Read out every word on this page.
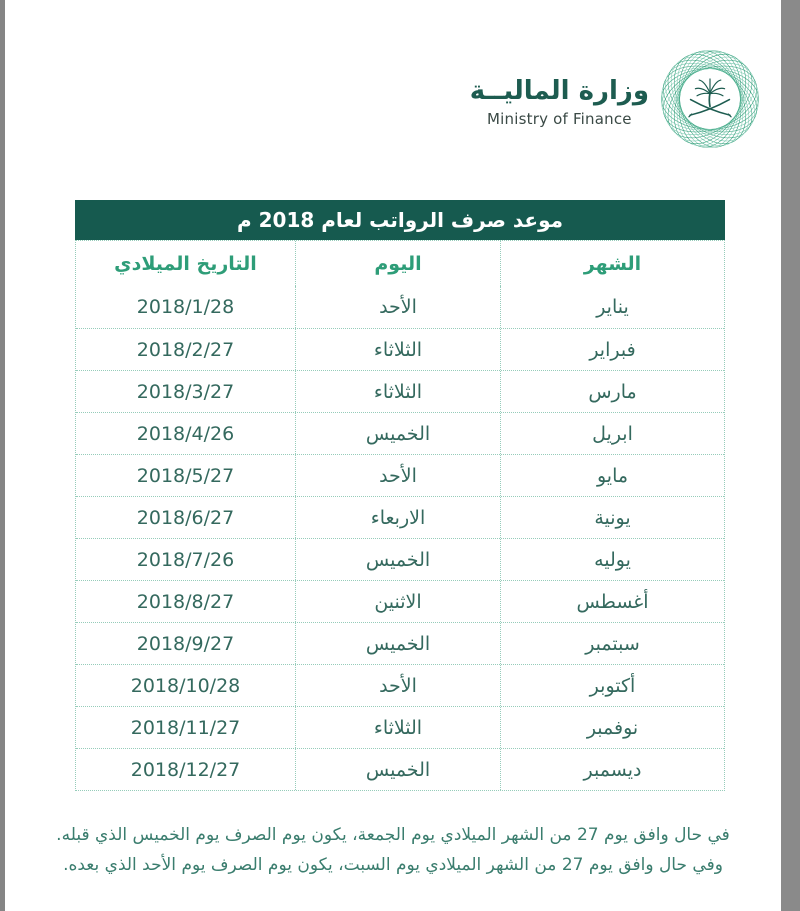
وزارة الماليــة
Ministry of Finance
موعد صرف الرواتب لعام 2018 م
الشهر
اليوم
التاريخ الميلادي
يناير
الأحد
2018/1/28
فبراير
الثلاثاء
2018/2/27
مارس
الثلاثاء
2018/3/27
ابريل
الخميس
2018/4/26
مايو
الأحد
2018/5/27
يونية
الاربعاء
2018/6/27
يوليه
الخميس
2018/7/26
أغسطس
الاثنين
2018/8/27
سبتمبر
الخميس
2018/9/27
أكتوبر
الأحد
2018/10/28
نوفمبر
الثلاثاء
2018/11/27
ديسمبر
الخميس
2018/12/27
في حال وافق يوم 27 من الشهر الميلادي يوم الجمعة، يكون يوم الصرف يوم الخميس الذي قبله.
وفي حال وافق يوم 27 من الشهر الميلادي يوم السبت، يكون يوم الصرف يوم الأحد الذي بعده.
